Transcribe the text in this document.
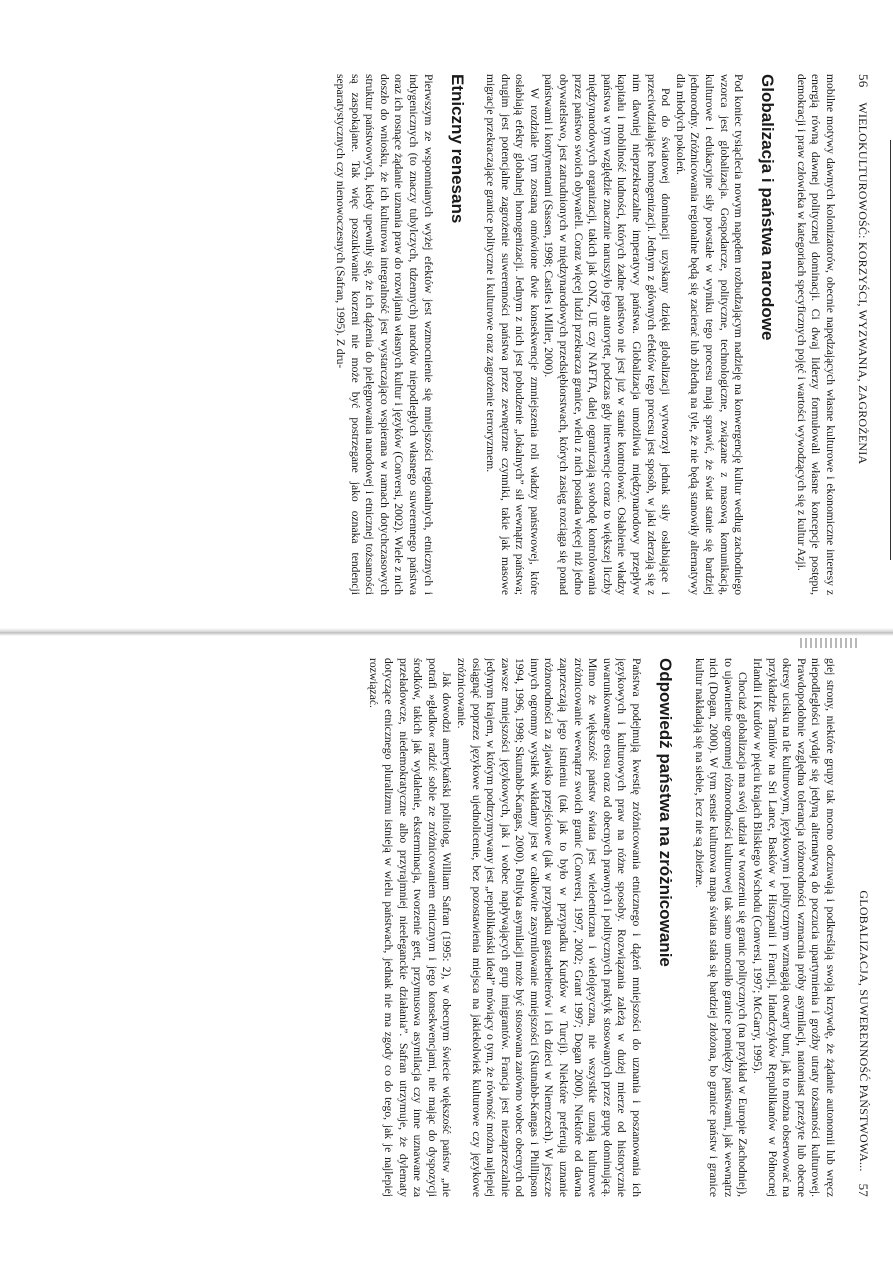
56 WIELOKULTUROWOŚĆ: KORZYŚCI, WYZWANIA, ZAGROŻENIA

mobilne motywy dawnych kolonizatorów, obecnie napędzających własne kulturowe i ekonomiczne interesy z energią równą dawnej politycznej dominacji. Ci dwaj liderzy formułowali własne koncepcje postępu, demokracji i praw człowieka w kategoriach specyficznych pojęć i wartości wywodzących się z kultur Azji.

Globalizacja i państwa narodowe

Pod koniec tysiąclecia nowym napędem rozbudzającym nadzieję na konwergencję kultur według zachodniego wzorca jest globalizacja. Gospodarcze, polityczne, technologiczne, związane z masową komunikacją, kulturowe i edukacyjne siły powstałe w wyniku tego procesu mają sprawić, że świat stanie się bardziej jednorodny. Zróżnicowania regionalne będą się zacierać lub zbledną na tyle, że nie będą stanowiły alternatywy dla młodych pokoleń.

Pod do światowej dominacji uzyskany dzięki globalizacji wytworzył jednak siły osłabiające i przeciwdziałające homogenizacji. Jednym z głównych efektów tego procesu jest sposób, w jaki zderzają się z nim dawniej nieprzekraczalne imperatywy państwa. Globalizacja umożliwia międzynarodowy przepływ kapitału i mobilność ludności, których żadne państwo nie jest już w stanie kontrolować. Osłabienie władzy państwa w tym względzie znacznie naruszyło jego autorytet, podczas gdy interwencje coraz to większej liczby międzynarodowych organizacji, takich jak ONZ, UE czy NAFTA, dalej ograniczają swobodę kontrolowania przez państwo swoich obywateli. Coraz więcej ludzi przekracza granice, wielu z nich posiada więcej niż jedno obywatelstwo, jest zatrudnionych w międzynarodowych przedsiębiorstwach, których zasięg rozciąga się ponad państwami i kontynentami (Sassen, 1998; Castles i Miller, 2000).

W rozdziale tym zostaną omówione dwie konsekwencje zmniejszenia roli władzy państwowej, które osłabiają efekty globalnej homogenizacji. Jednym z nich jest pobudzenie „lokalnych” sił wewnątrz państwa; drugim jest potencjalne zagrożenie suwerenności państwa przez zewnętrzne czynniki, takie jak masowe migracje przekraczające granice polityczne i kulturowe oraz zagrożenie terroryzmem.

Etniczny renesans

Pierwszym ze wspomnianych wyżej efektów jest wzmocnienie się mniejszości regionalnych, etnicznych i indygenicznych (to znaczy tubylczych, tdzennych) narodów niepodległych własnego suwerennego państwa oraz ich rosnące żądanie uznania praw do rozwijania własnych kultur i języków (Conversi, 2002). Wiele z nich doszło do wniosku, że ich kulturowa integralność jest wystarczająco wspierana w ramach dotychczasowych struktur państwowych, kiedy upewniły się, że ich dążenia do pielęgnowania narodowej i etnicznej tożsamości są zaspokajane. Tak więc poszukiwanie korzeni nie może być postrzegane jako oznaka tendencji separatystycznych czy nienowoczesnych (Safran, 1995). Z dru-

57
GLOBALIZACJA, SUWERENNOŚĆ PAŃSTWOWA...

giej strony, niektóre grupy tak mocno odczuwają i podkreślają swoją krzywdę, że żądanie autonomii lub wręcz niepodległości wydaje się jedyną alternatywą do poczucia upartymienia i groźby utraty tożsamości kulturowej. Prawdopodobnie względna tolerancja różnorodności wzmacnia próby asymilacji, natomiast przeżyte lub obecne okresy ucisku na tle kulturowym, językowym i politycznym wzmagają otwarty bunt, jak to można obserwować na przykładzie Tamilów na Sri Lance, Basków w Hiszpanii i Francji, Irlandczyków Republikanów w Północnej Irlandii i Kurdów w pięciu krajach Bliskiego Wschodu (Conversi, 1997; McGarry, 1995).

Chociaż globalizacja ma swój udział w tworzeniu się granic politycznych (na przykład w Europie Zachodniej), to ujawnienie ogromnej różnorodności kulturowej tak samo umocniło granice pomiędzy państwami, jak wewnątrz nich (Dogan, 2000). W tym sensie kulturowa mapa świata stała się bardziej złożona, bo granice państw i granice kultur nakładają się na siebie, lecz nie są zbieżne.

Odpowiedź państwa na zróżnicowanie

Państwa podejmują kwestię zróżnicowania etnicznego i dążeń mniejszości do uznania i poszanowania ich językowych i kulturowych praw na różne sposoby. Rozwiązania zależą w dużej mierze od historycznie uwarunkowanego etosu oraz od obecnych prawnych i politycznych praktyk stosowanych przez grupę dominującą. Mimo że większość państw świata jest wieloetniczna i wielojęzyczna, nie wszystkie uznają kulturowe zróżnicowanie wewnątrz swoich granic (Conversi, 1997, 2002; Grant 1997; Dogan 2000). Niektóre od dawna zaprzeczają jego istnieniu (tak jak to było w przypadku Kurdów w Turcji). Niektóre preferują uznanie różnorodności za zjawisko przejściowe (jak w przypadku gastarbeiterów i ich dzieci w Niemczech). W jeszcze innych ogromny wysiłek wkładany jest w całkowite zasymilowanie mniejszości (Skutnabb-Kangas i Phillipson 1994, 1996, 1998; Skutnabb-Kangas, 2000). Polityka asymilacji może być stosowana zarówno wobec obecnych od zawsze mniejszości językowych, jak i wobec napływających grup imigrantów. Francja jest niezaprzeczalnie jedynym krajem, w którym podtrzymywany jest „republikański ideał” mówiący o tym, że równość można najlepiej osiągnąć poprzez językowe ujednolicenie, bez pozostawienia miejsca na jakiekolwiek kulturowe czy językowe zróżnicowanie.

Jak dowodzi amerykański politolog, William Safran (1995: 2), w obecnym świecie większość państw „nie potrafi »gładko« radzić sobie ze zróżnicowaniem etnicznym i jego konsekwencjami, nie mając do dyspozycji środków, takich jak wydalenie, eksterminacja, tworzenie gett, przymusowa asymilacja czy inne uznawane za przeładowcze, niedemokratyczne albo przyrajmniej nieeleganckie działania”. Safran utrzymuje, że dylematy dotyczące etnicznego pluralizmu istnieją w wielu państwach, jednak nie ma zgody co do tego, jak je najlepiej rozwiązać.
